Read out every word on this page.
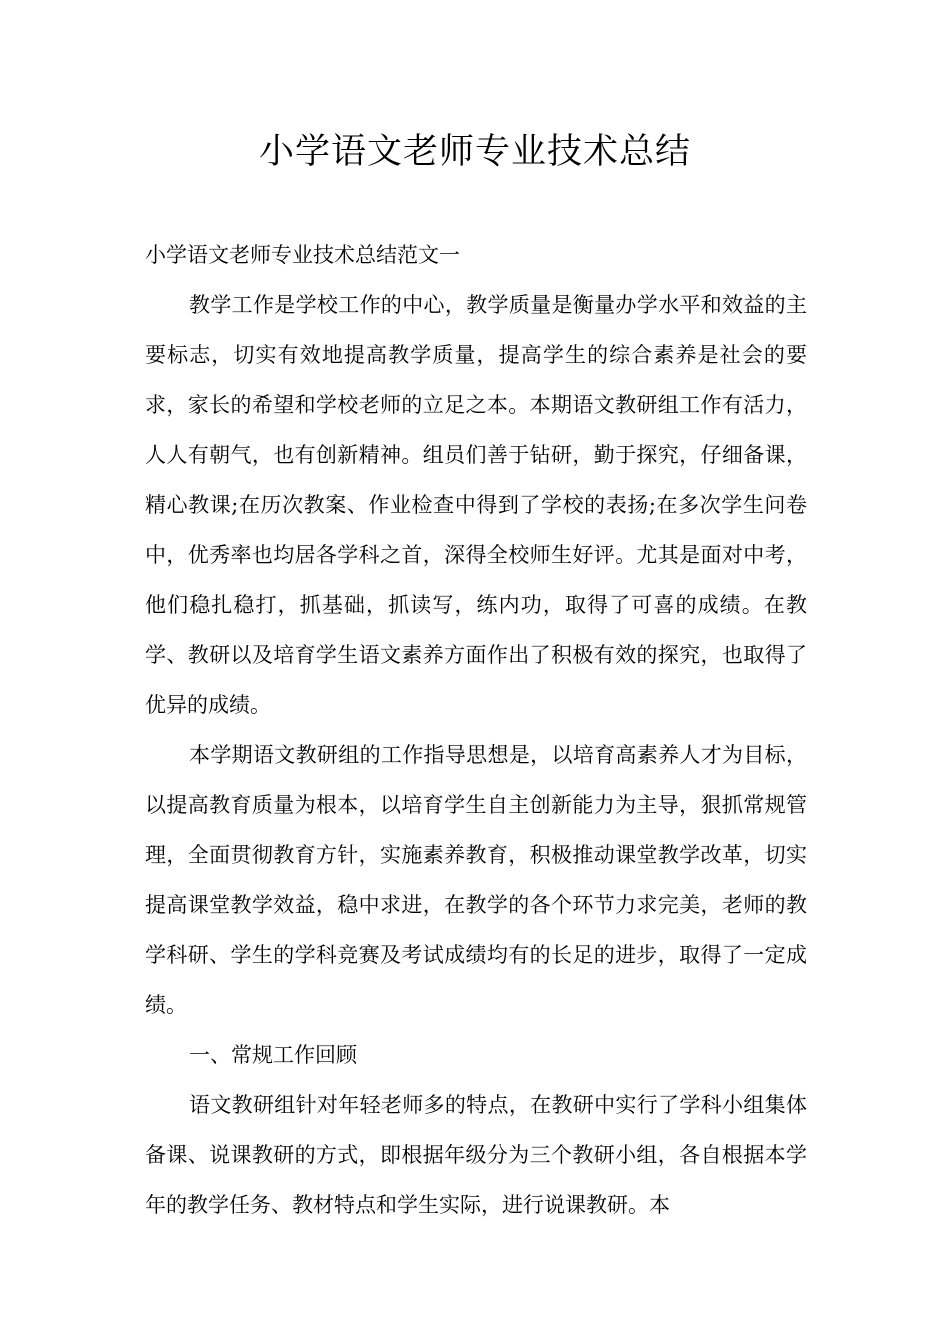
小学语文老师专业技术总结

小学语文老师专业技术总结范文一

教学工作是学校工作的中心，教学质量是衡量办学水平和效益的主要标志，切实有效地提高教学质量，提高学生的综合素养是社会的要求，家长的希望和学校老师的立足之本。本期语文教研组工作有活力，人人有朝气，也有创新精神。组员们善于钻研，勤于探究，仔细备课，精心教课;在历次教案、作业检查中得到了学校的表扬;在多次学生问卷中，优秀率也均居各学科之首，深得全校师生好评。尤其是面对中考，他们稳扎稳打，抓基础，抓读写，练内功，取得了可喜的成绩。在教学、教研以及培育学生语文素养方面作出了积极有效的探究，也取得了优异的成绩。

本学期语文教研组的工作指导思想是，以培育高素养人才为目标，以提高教育质量为根本，以培育学生自主创新能力为主导，狠抓常规管理，全面贯彻教育方针，实施素养教育，积极推动课堂教学改革，切实提高课堂教学效益，稳中求进，在教学的各个环节力求完美，老师的教学科研、学生的学科竞赛及考试成绩均有的长足的进步，取得了一定成绩。

一、常规工作回顾

语文教研组针对年轻老师多的特点，在教研中实行了学科小组集体备课、说课教研的方式，即根据年级分为三个教研小组，各自根据本学年的教学任务、教材特点和学生实际，进行说课教研。本
